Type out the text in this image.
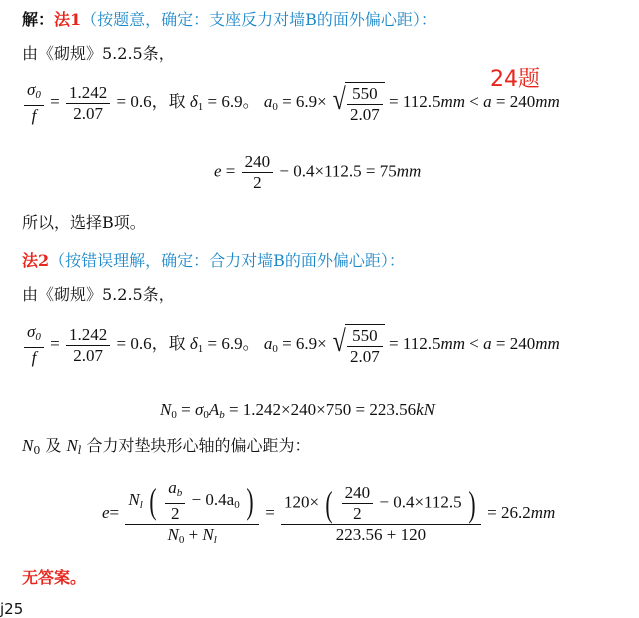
解：法1（按题意，确定：支座反力对墙B的面外偏心距）：
由《砌规》5.2.5条，
24题
$\frac{\sigma_0}{f} = \frac{1.242}{2.07} = 0.6$，取 $\delta_1 = 6.9$。 $a_0 = 6.9\times$ √ $\frac{550}{2.07} = 112.5mm < a = 240mm$
$e = \frac{240}{2} - 0.4\times 112.5 = 75mm$
所以，选择B项。
法2（按错误理解，确定：合力对墙B的面外偏心距）：
由《砌规》5.2.5条，
$\frac{\sigma_0}{f} = \frac{1.242}{2.07} = 0.6$，取 $\delta_1 = 6.9$。 $a_0 = 6.9\times$ √ $\frac{550}{2.07} = 112.5mm < a = 240mm$
$N_0 = \sigma_0A_b = 1.242\times 240\times 750 = 223.56kN$
$N_0$ 及 $N_l$ 合力对垫块形心轴的偏心距为：
$e= \frac{N_l ( \frac{a_b}{2} - 0.4a_0 )}{N_0 + N_l} = \frac{120\times ( \frac{240}{2} - 0.4\times 112.5 )}{223.56 + 120} = 26.2mm$
无答案。
j25
